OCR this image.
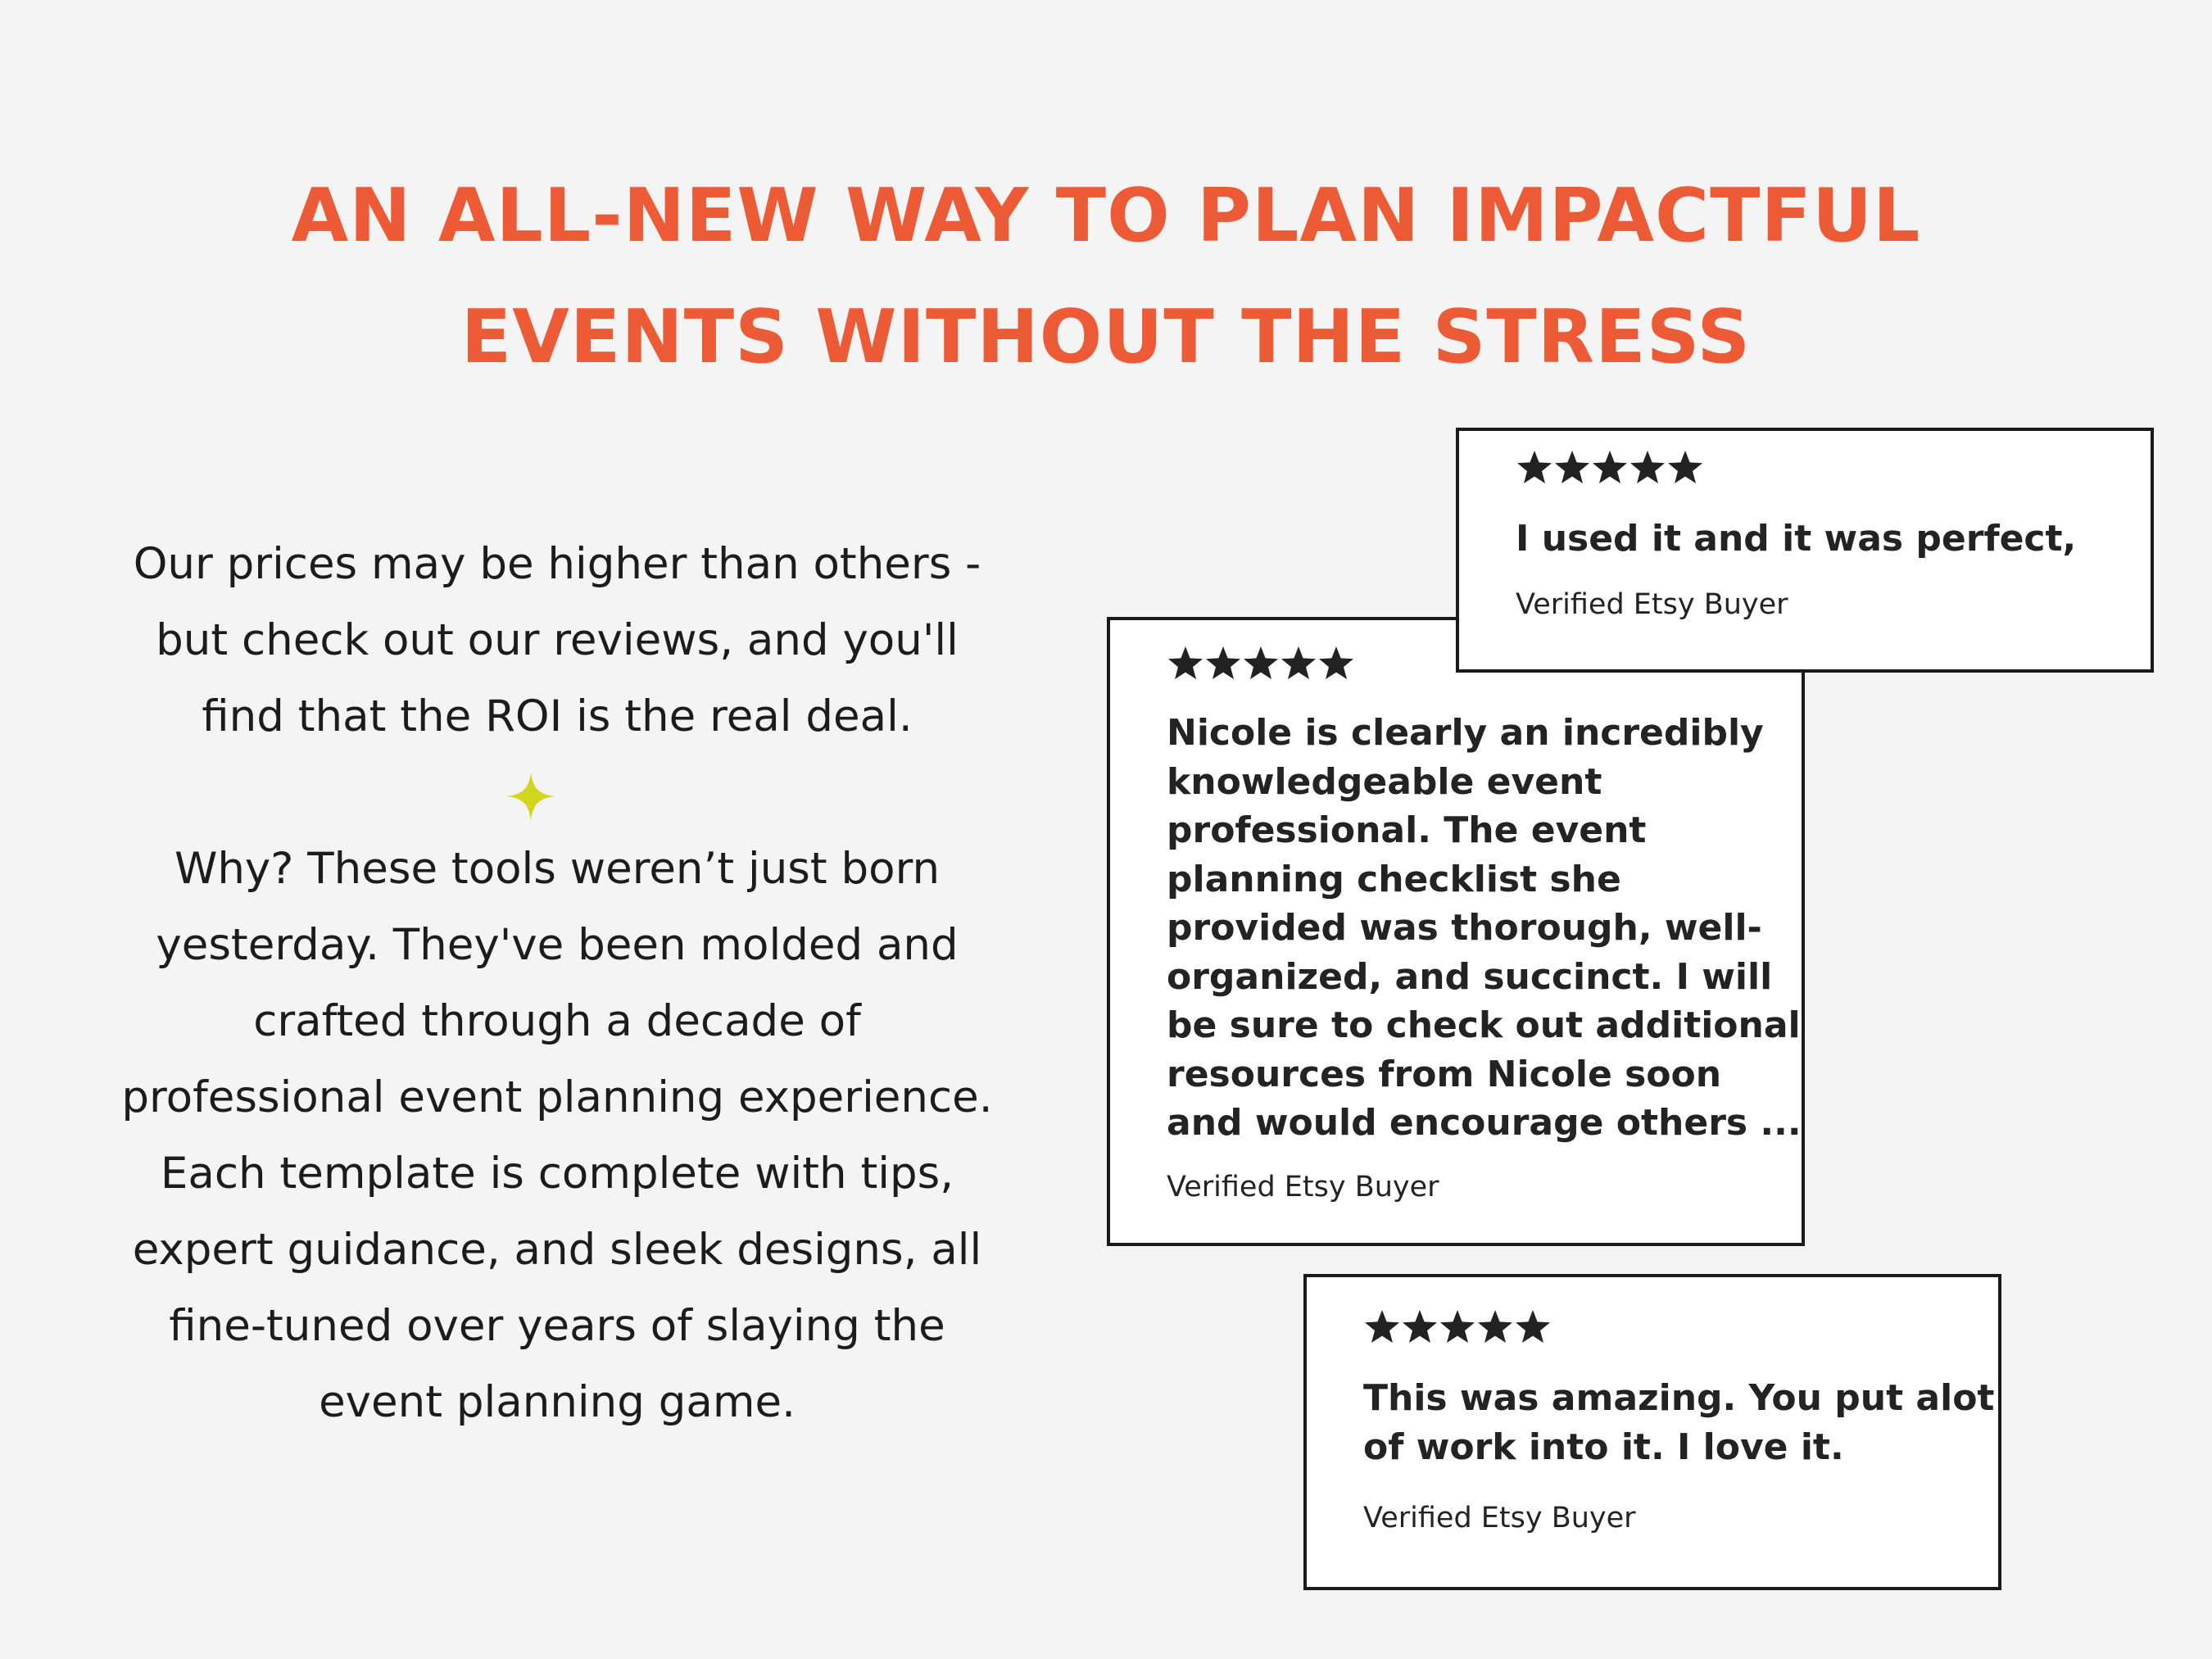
AN ALL-NEW WAY TO PLAN IMPACTFUL
EVENTS WITHOUT THE STRESS
Our prices may be higher than others -
but check out our reviews, and you'll
find that the ROI is the real deal.
Why? These tools weren’t just born
yesterday. They've been molded and
crafted through a decade of
professional event planning experience.
Each template is complete with tips,
expert guidance, and sleek designs, all
fine-tuned over years of slaying the
event planning game.

I used it and it was perfect,

Verified Etsy Buyer

Nicole is clearly an incredibly
knowledgeable event
professional. The event
planning checklist she
provided was thorough, well-
organized, and succinct. I will
be sure to check out additional
resources from Nicole soon
and would encourage others ...

Verified Etsy Buyer

This was amazing. You put alot
of work into it. I love it.

Verified Etsy Buyer
